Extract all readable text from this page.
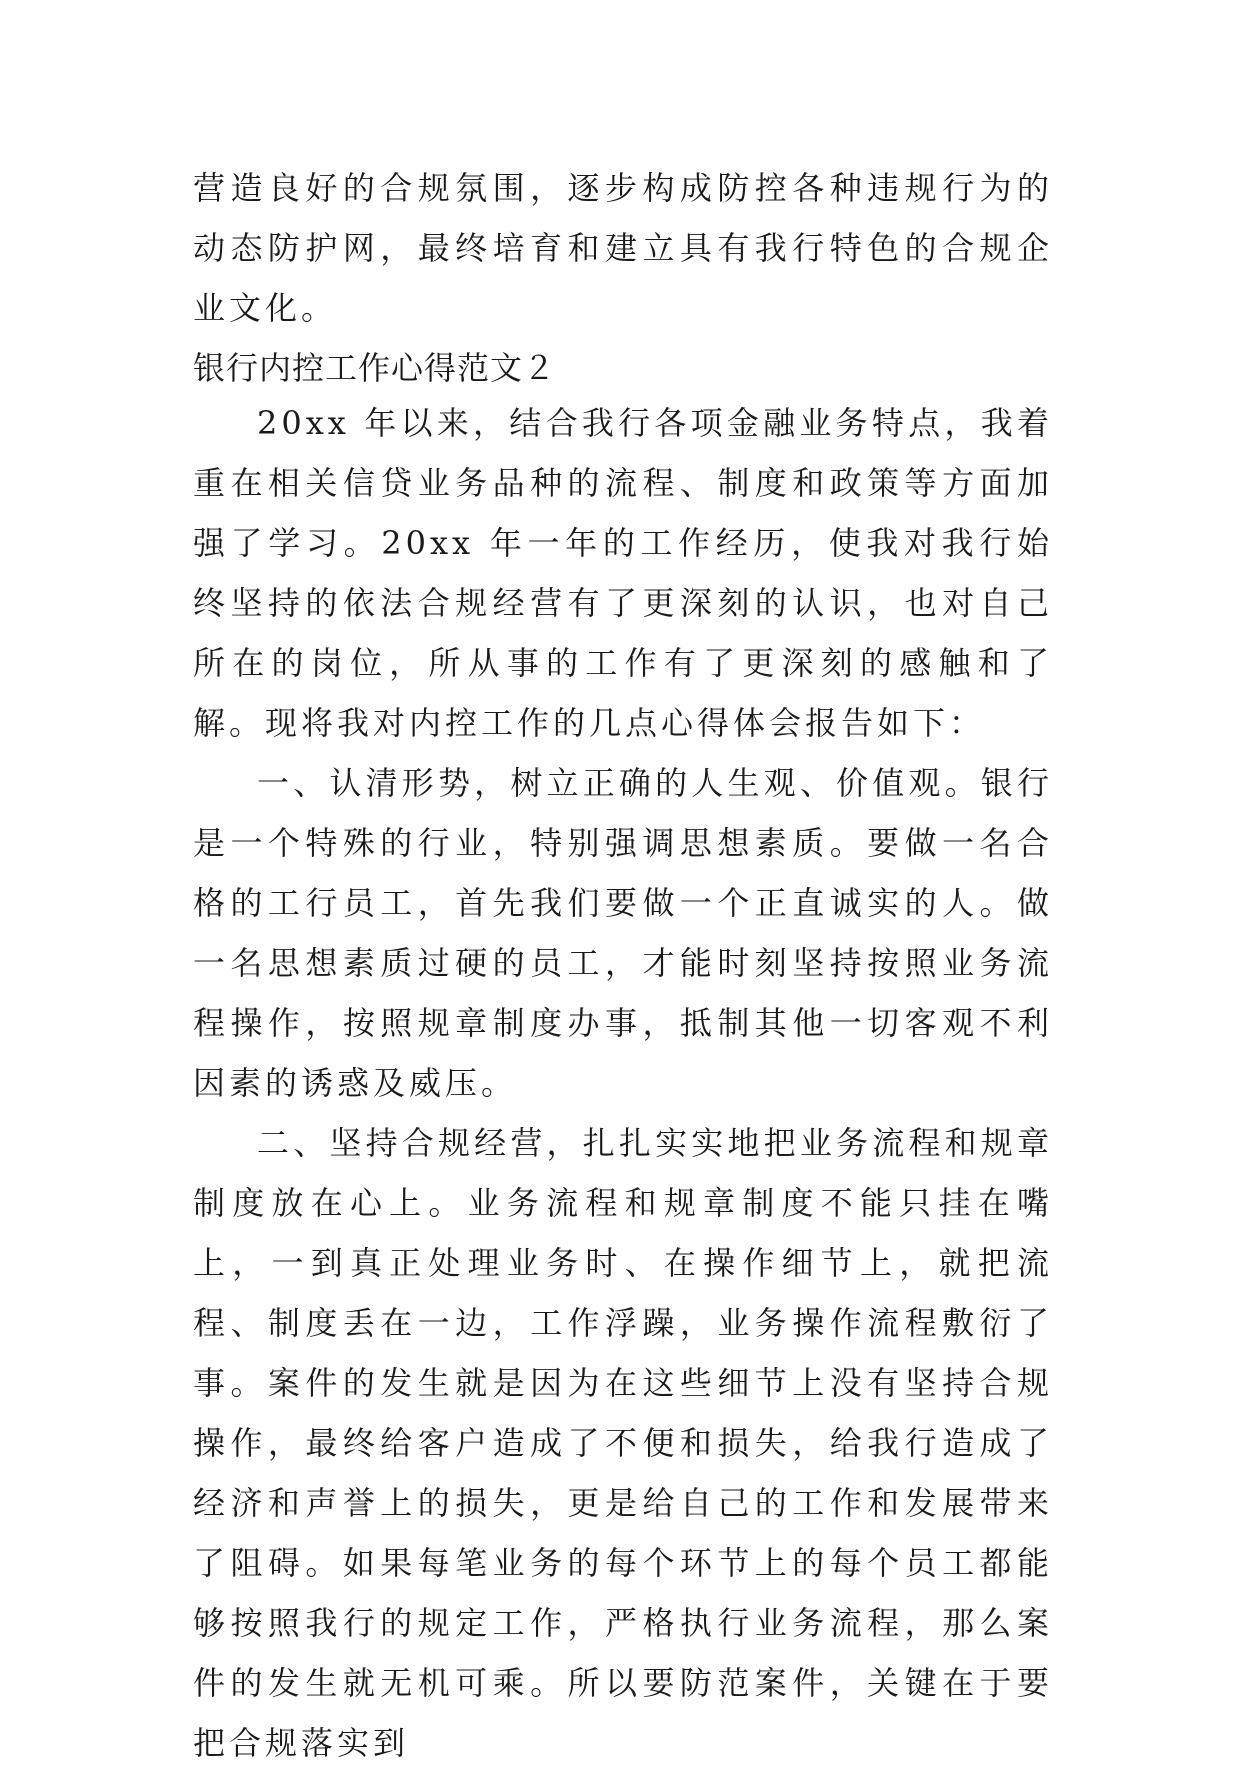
营造良好的合规氛围，逐步构成防控各种违规行为的动态防护网，最终培育和建立具有我行特色的合规企业文化。

银行内控工作心得范文２

20xx 年以来，结合我行各项金融业务特点，我着重在相关信贷业务品种的流程、制度和政策等方面加强了学习。20xx 年一年的工作经历，使我对我行始终坚持的依法合规经营有了更深刻的认识，也对自己所在的岗位，所从事的工作有了更深刻的感触和了解。现将我对内控工作的几点心得体会报告如下：

一、认清形势，树立正确的人生观、价值观。银行是一个特殊的行业，特别强调思想素质。要做一名合格的工行员工，首先我们要做一个正直诚实的人。做一名思想素质过硬的员工，才能时刻坚持按照业务流程操作，按照规章制度办事，抵制其他一切客观不利因素的诱惑及威压。

二、坚持合规经营，扎扎实实地把业务流程和规章制度放在心上。业务流程和规章制度不能只挂在嘴上，一到真正处理业务时、在操作细节上，就把流程、制度丢在一边，工作浮躁，业务操作流程敷衍了事。案件的发生就是因为在这些细节上没有坚持合规操作，最终给客户造成了不便和损失，给我行造成了经济和声誉上的损失，更是给自己的工作和发展带来了阻碍。如果每笔业务的每个环节上的每个员工都能够按照我行的规定工作，严格执行业务流程，那么案件的发生就无机可乘。所以要防范案件，关键在于要把合规落实到
